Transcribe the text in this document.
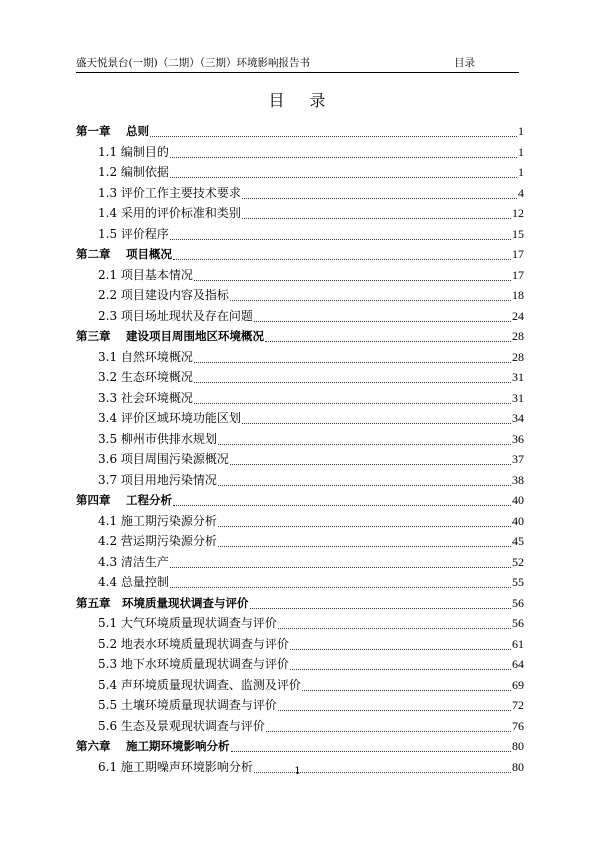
盛天悦景台(一期)（二期）（三期）环境影响报告书	目录
目 录
第一章　 总则	1
1.1 编制目的	1
1.2 编制依据	1
1.3 评价工作主要技术要求	4
1.4 采用的评价标准和类别	12
1.5 评价程序	15
第二章　 项目概况	17
2.1 项目基本情况	17
2.2 项目建设内容及指标	18
2.3 项目场址现状及存在问题	24
第三章　 建设项目周围地区环境概况	28
3.1 自然环境概况	28
3.2 生态环境概况	31
3.3 社会环境概况	31
3.4 评价区域环境功能区划	34
3.5 柳州市供排水规划	36
3.6 项目周围污染源概况	37
3.7 项目用地污染情况	38
第四章　 工程分析	40
4.1 施工期污染源分析	40
4.2 营运期污染源分析	45
4.3 清洁生产	52
4.4 总量控制	55
第五章　环境质量现状调查与评价	56
5.1 大气环境质量现状调查与评价	56
5.2 地表水环境质量现状调查与评价	61
5.3 地下水环境质量现状调查与评价	64
5.4 声环境质量现状调查、监测及评价	69
5.5 土壤环境质量现状调查与评价	72
5.6 生态及景观现状调查与评价	76
第六章　 施工期环境影响分析	80
6.1 施工期噪声环境影响分析	80
1
